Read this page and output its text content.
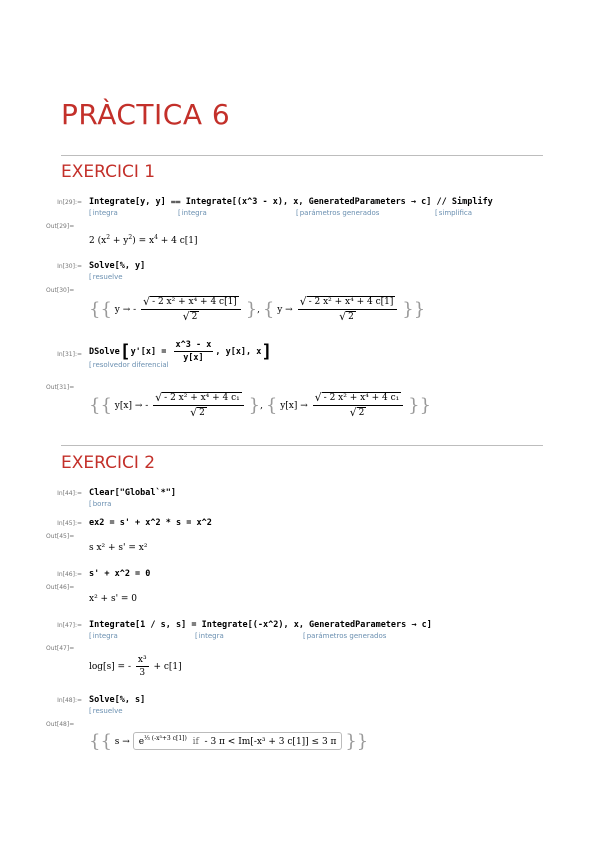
PRÀCTICA 6
EXERCICI 1
In[29]:= Integrate[y, y] ⩵ Integrate[(x^3 - x), x, GeneratedParameters → c] // Simplify
[ integra	[ integra	[ parámetros generados	[ simplifica
Out[29]=
2 $(x^2 + y^2) = x^4 + 4$ c[1]
In[30]:= Solve[%, y]
[ resuelve
Out[30]=
{{ y → - $\frac{\text{√ - 2 x² + x⁴ + 4 c[1]}}{√ 2}$ }, { $y \to \frac{\text{√ - 2 x² + x⁴ + 4 c[1]}}{√ 2}$ }}
In[31]:= DSolve[y'[x] = $\frac{x\^{}3 - x}{y[x]}$ , y[x], x]
[ resolvedor diferencial
Out[31]=
{{ y[x] → - $\frac{\text{√ - 2 x² + x⁴ + 4 c₁}}{√ 2}$ }, { $y[x] \to \frac{\text{√ - 2 x² + x⁴ + 4 c₁}}{√ 2}$ }}
EXERCICI 2
In[44]:= Clear["Global`*"]
[ borra
In[45]:= ex2 = s' + x^2 * s = x^2
Out[45]=
s x² + s' = x²
In[46]:= s' + x^2 = 0
Out[46]=
x² + s' = 0
In[47]:= Integrate[1 / s, s] = Integrate[(-x^2), x, GeneratedParameters → c]
[ integra	[ integra	[ parámetros generados
Out[47]=
log[s] = - $\frac{\text{x³}}{3} + c[1]$
In[48]:= Solve[%, s]
[ resuelve
Out[48]=
{{ $s \to e^{\frac{1}{3} (-x^3+3 c[1])}$ if - 3 π < Im[-x³ + 3 c[1]] ≤ 3 π }}
